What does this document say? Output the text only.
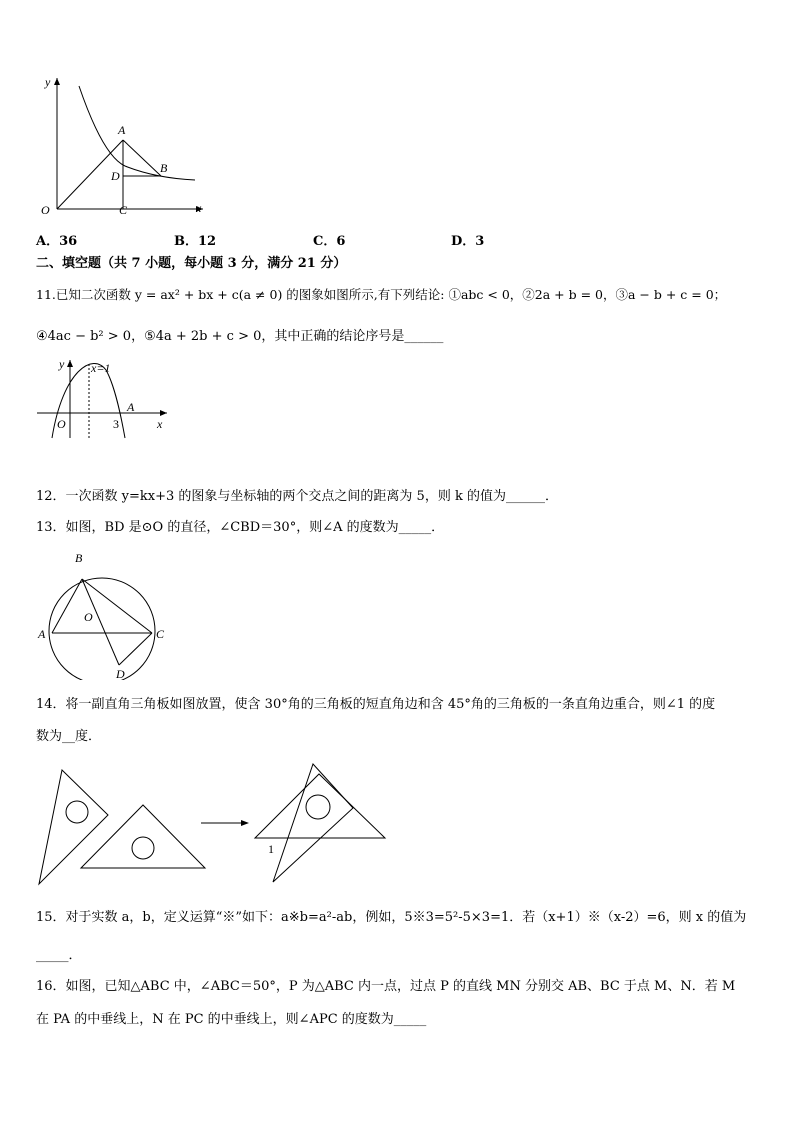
y
x
O
A
B
C
D
A．36	B．12	C．6	D．3
二、填空题（共 7 小题，每小题 3 分，满分 21 分）
11.已知二次函数 y = ax² + bx + c(a ≠ 0) 的图象如图所示,有下列结论: ①abc < 0，②2a + b = 0，③a − b + c = 0；
④4ac − b² > 0，⑤4a + 2b + c > 0，其中正确的结论序号是______
y
x
O
x=1
3
A
12．一次函数 y=kx+3 的图象与坐标轴的两个交点之间的距离为 5，则 k 的值为______．
13．如图，BD 是⊙O 的直径，∠CBD＝30°，则∠A 的度数为_____．
B
O
A	C
D
14．将一副直角三角板如图放置，使含 30°角的三角板的短直角边和含 45°角的三角板的一条直角边重合，则∠1 的度
数为__度．
1
15．对于实数 a，b，定义运算“※”如下：a※b=a²-ab，例如，5※3=5²-5×3=1．若（x+1）※（x-2）=6，则 x 的值为
_____．
16．如图，已知△ABC 中，∠ABC＝50°，P 为△ABC 内一点，过点 P 的直线 MN 分别交 AB、BC 于点 M、N．若 M
在 PA 的中垂线上，N 在 PC 的中垂线上，则∠APC 的度数为_____
